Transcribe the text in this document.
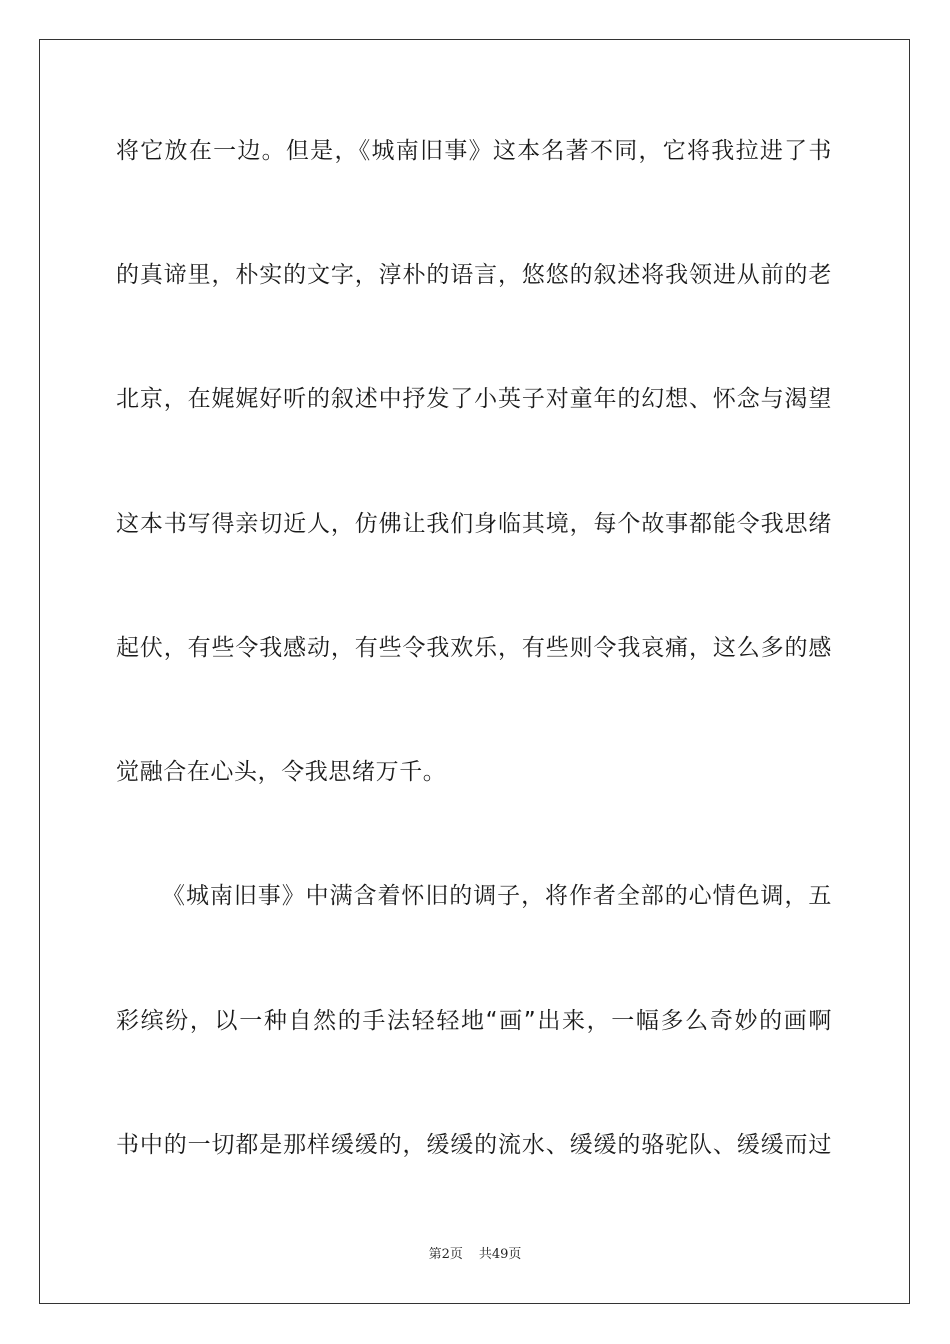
将它放在一边。但是，《城南旧事》这本名著不同，它将我拉进了书
的真谛里，朴实的文字，淳朴的语言，悠悠的叙述将我领进从前的老
北京，在娓娓好听的叙述中抒发了小英子对童年的幻想、怀念与渴望
这本书写得亲切近人，仿佛让我们身临其境，每个故事都能令我思绪
起伏，有些令我感动，有些令我欢乐，有些则令我哀痛，这么多的感
觉融合在心头，令我思绪万千。
《城南旧事》中满含着怀旧的调子，将作者全部的心情色调，五
彩缤纷，以一种自然的手法轻轻地“画”出来，一幅多么奇妙的画啊
书中的一切都是那样缓缓的，缓缓的流水、缓缓的骆驼队、缓缓而过
第2页 共49页
